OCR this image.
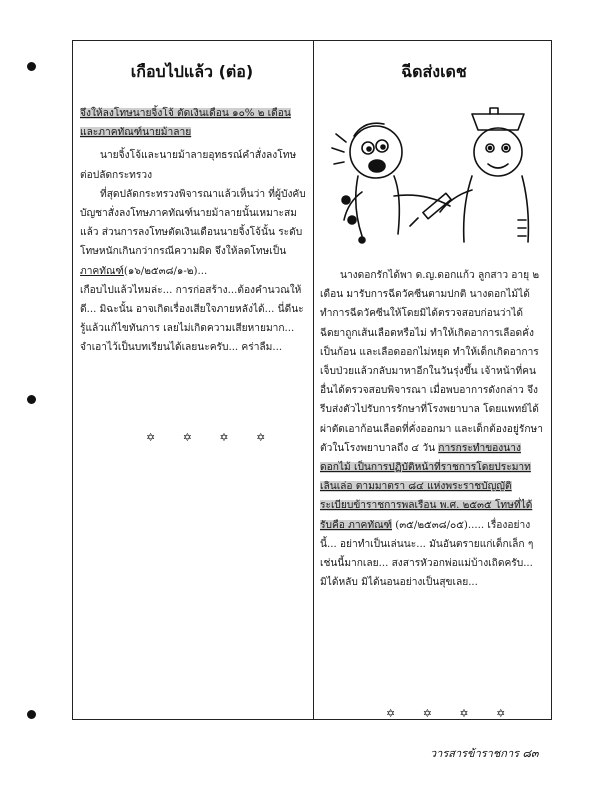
เกือบไปแล้ว (ต่อ)

จึงให้ลงโทษนายจิ้งโจ้ ตัดเงินเดือน ๑๐% ๒ เดือน

และภาคทัณฑ์นายม้าลาย

นายจิ้งโจ้และนายม้าลายอุทธรณ์คำสั่งลงโทษต่อปลัดกระทรวง

ที่สุดปลัดกระทรวงพิจารณาแล้วเห็นว่า ที่ผู้บังคับบัญชาสั่งลงโทษภาคทัณฑ์นายม้าลายนั้นเหมาะสมแล้ว ส่วนการลงโทษตัดเงินเดือนนายจิ้งโจ้นั้น ระดับโทษหนักเกินกว่ากรณีความผิด จึงให้ลดโทษเป็นภาคทัณฑ์(๑๖/๒๕๓๘/๑-๒)...

เกือบไปแล้วไหมล่ะ... การก่อสร้าง...ต้องคำนวณให้ดี... มิฉะนั้น อาจเกิดเรื่องเสียใจภายหลังได้... นี่ดีนะ รู้แล้วแก้ไขทันการ เลยไม่เกิดความเสียหายมาก... จำเอาไว้เป็นบทเรียนได้เลยนะครับ... คร่าลืม...

✡ ✡ ✡ ✡
ฉีดส่งเดช

นางดอกรักได้พา ด.ญ.ดอกแก้ว ลูกสาว อายุ ๒ เดือน มารับการฉีดวัคซีนตามปกติ นางดอกไม้ได้ทำการฉีดวัคซีนให้โดยมิได้ตรวจสอบก่อนว่าได้ฉีดยาถูกเส้นเลือดหรือไม่ ทำให้เกิดอาการเลือดคั่งเป็นก้อน และเลือดออกไม่หยุด ทำให้เด็กเกิดอาการเจ็บป่วยแล้วกลับมาหาอีกในวันรุ่งขึ้น เจ้าหน้าที่คนอื่นได้ตรวจสอบพิจารณา เมื่อพบอาการดังกล่าว จึงรีบส่งตัวไปรับการรักษาที่โรงพยาบาล โดยแพทย์ได้ผ่าตัดเอาก้อนเลือดที่คั่งออกมา และเด็กต้องอยู่รักษาตัวในโรงพยาบาลถึง ๔ วัน การกระทำของนางดอกไม้ เป็นการปฏิบัติหน้าที่ราชการโดยประมาทเลินเล่อ ตามมาตรา ๘๔ แห่งพระราชบัญญัติระเบียบข้าราชการพลเรือน พ.ศ. ๒๕๓๕ โทษที่ได้รับคือ ภาคทัณฑ์ (๓๕/๒๕๓๘/๐๕)..... เรื่องอย่างนี้... อย่าทำเป็นเล่นนะ... มันอันตรายแก่เด็กเล็ก ๆ เช่นนี้มากเลย... สงสารหัวอกพ่อแม่บ้างเถิดครับ... มิได้หลับ มิได้นอนอย่างเป็นสุขเลย...

✡ ✡ ✡ ✡
วารสารข้าราชการ ๘๓
